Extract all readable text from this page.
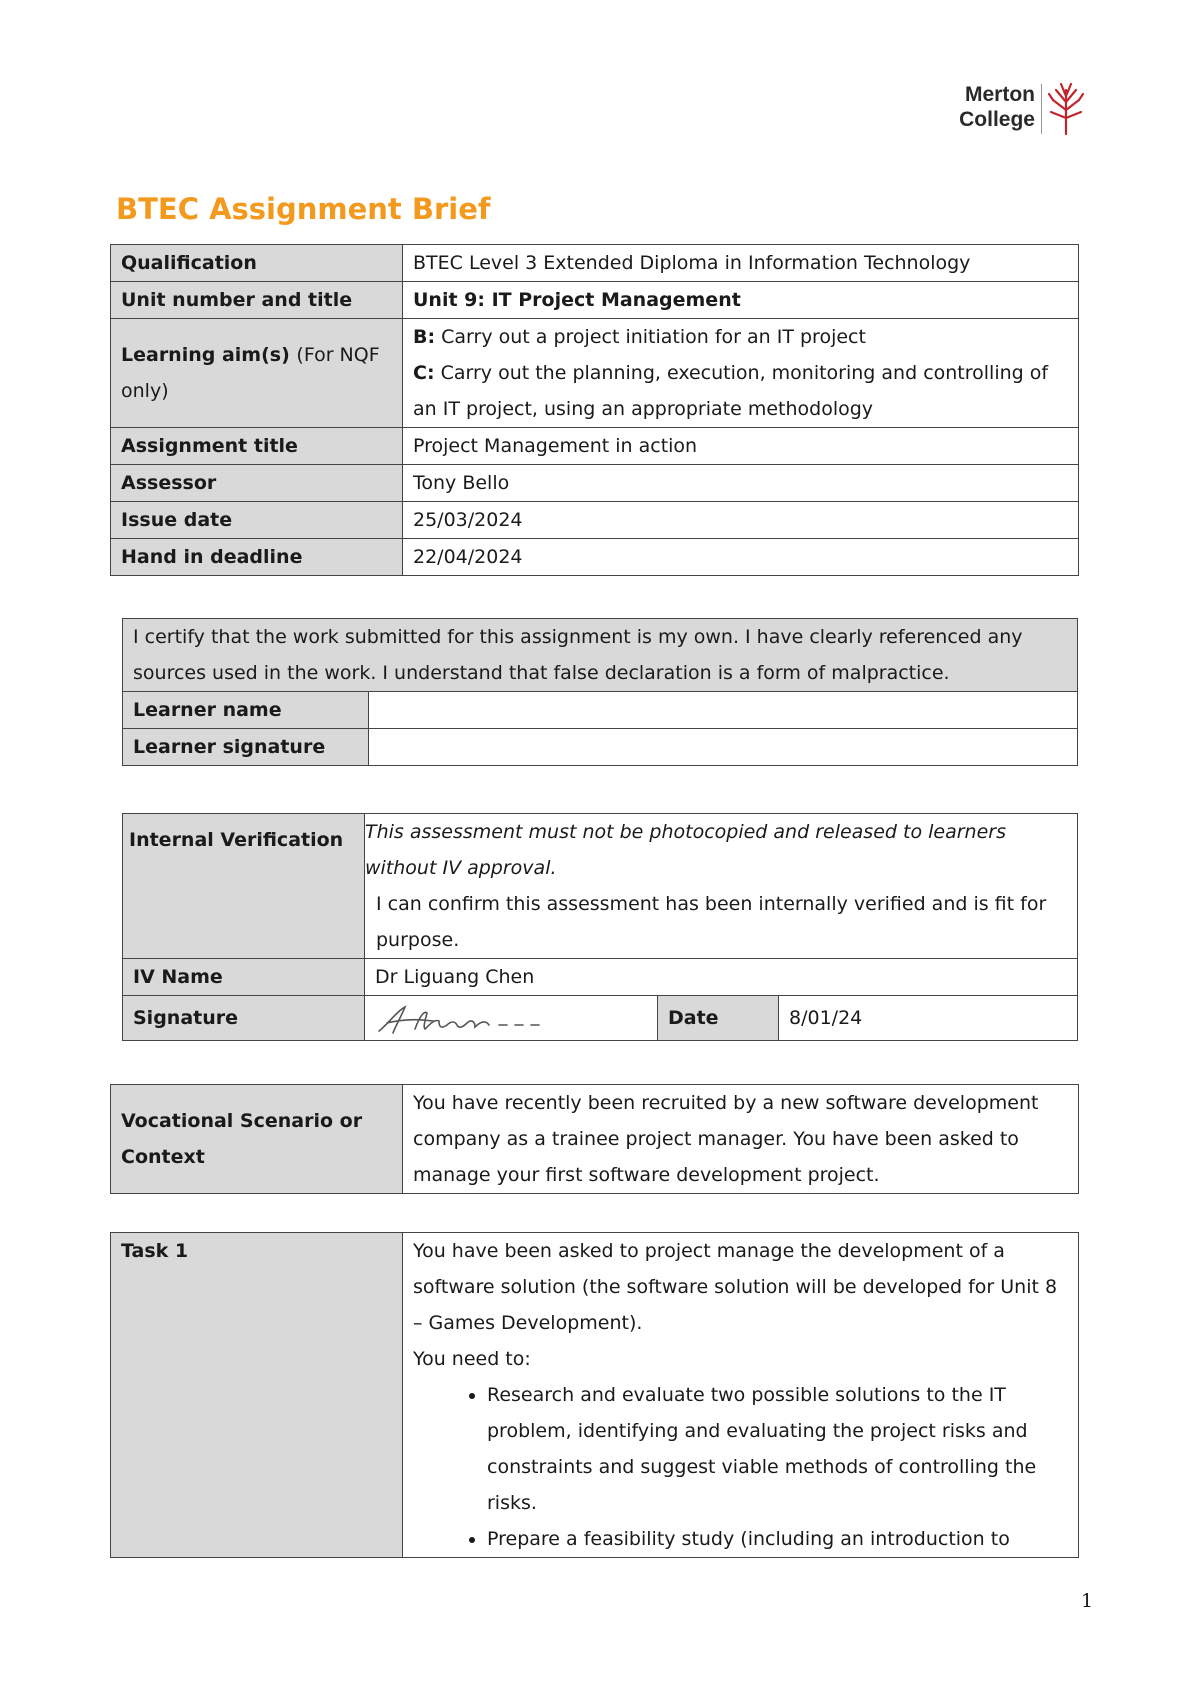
Merton
College
BTEC Assignment Brief
Qualification	BTEC Level 3 Extended Diploma in Information Technology
Unit number and title	Unit 9: IT Project Management
Learning aim(s) (For NQF only)	B: Carry out a project initiation for an IT project
C: Carry out the planning, execution, monitoring and controlling of an IT project, using an appropriate methodology

Assignment title	Project Management in action
Assessor	Tony Bello
Issue date	25/03/2024
Hand in deadline	22/04/2024
I certify that the work submitted for this assignment is my own. I have clearly referenced any sources used in the work. I understand that false declaration is a form of malpractice.	
Learner name	
Learner signature	
Internal Verification	This assessment must not be photocopied and released to learners without IV approval.
I can confirm this assessment has been internally verified and is fit for purpose.		

IV Name	Dr Liguang Chen		
Signature		Date	8/01/24
Vocational Scenario or Context	You have recently been recruited by a new software development company as a trainee project manager. You have been asked to manage your first software development project.
Task 1	You have been asked to project manage the development of a software solution (the software solution will be developed for Unit 8 – Games Development).
You need to:
• Research and evaluate two possible solutions to the IT problem, identifying and evaluating the project risks and constraints and suggest viable methods of controlling the risks.
• Prepare a feasibility study (including an introduction to
1
